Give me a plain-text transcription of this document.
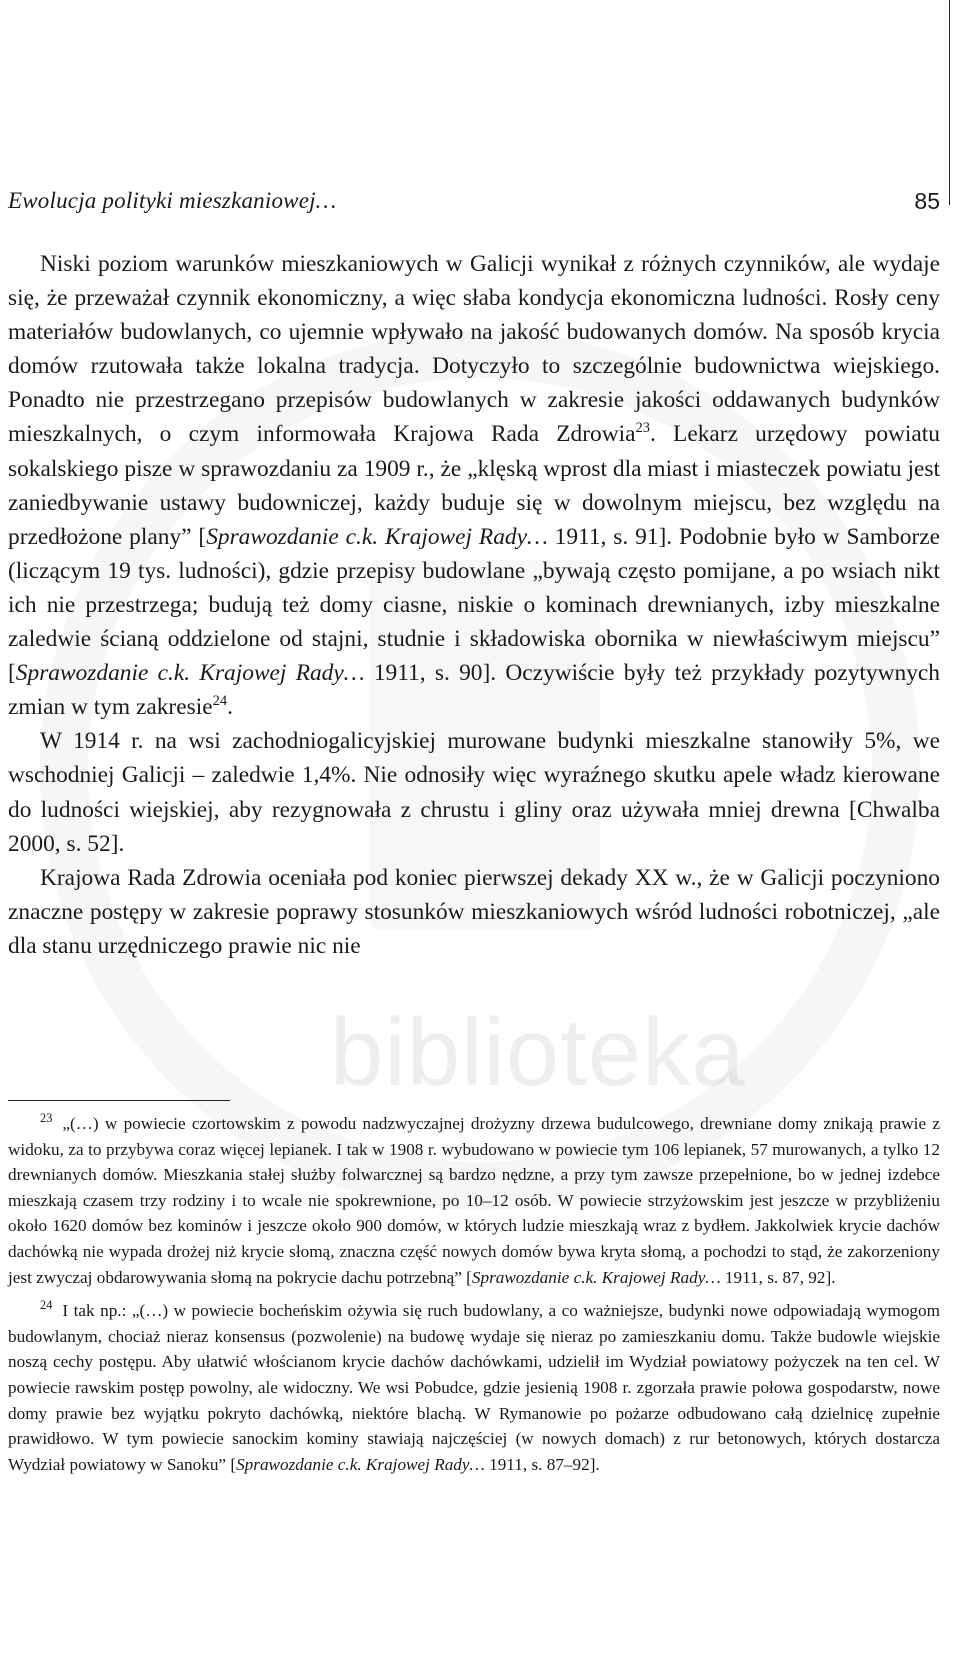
biblioteka
Ewolucja polityki mieszkaniowej…	85

Niski poziom warunków mieszkaniowych w Galicji wynikał z różnych czynników, ale wydaje się, że przeważał czynnik ekonomiczny, a więc słaba kondycja ekonomiczna ludności. Rosły ceny materiałów budowlanych, co ujemnie wpływało na jakość budowanych domów. Na sposób krycia domów rzutowała także lokalna tradycja. Dotyczyło to szczególnie budownictwa wiejskiego. Ponadto nie przestrzegano przepisów budowlanych w zakresie jakości oddawanych budynków mieszkalnych, o czym informowała Krajowa Rada Zdrowia$^{23}$. Lekarz urzędowy powiatu sokalskiego pisze w sprawozdaniu za 1909 r., że „klęską wprost dla miast i miasteczek powiatu jest zaniedbywanie ustawy budowniczej, każdy buduje się w dowolnym miejscu, bez względu na przedłożone plany” [Sprawozdanie c.k. Krajowej Rady… 1911, s. 91]. Podobnie było w Samborze (liczącym 19 tys. ludności), gdzie przepisy budowlane „bywają często pomijane, a po wsiach nikt ich nie przestrzega; budują też domy ciasne, niskie o kominach drewnianych, izby mieszkalne zaledwie ścianą oddzielone od stajni, studnie i składowiska obornika w niewłaściwym miejscu” [Sprawozdanie c.k. Krajowej Rady… 1911, s. 90]. Oczywiście były też przykłady pozytywnych zmian w tym zakresie$^{24}$.

W 1914 r. na wsi zachodniogalicyjskiej murowane budynki mieszkalne stanowiły 5%, we wschodniej Galicji – zaledwie 1,4%. Nie odnosiły więc wyraźnego skutku apele władz kierowane do ludności wiejskiej, aby rezygnowała z chrustu i gliny oraz używała mniej drewna [Chwalba 2000, s. 52].

Krajowa Rada Zdrowia oceniała pod koniec pierwszej dekady XX w., że w Galicji poczyniono znaczne postępy w zakresie poprawy stosunków mieszkaniowych wśród ludności robotniczej, „ale dla stanu urzędniczego prawie nic nie

$^{23}$ „(…) w powiecie czortowskim z powodu nadzwyczajnej drożyzny drzewa budulcowego, drewniane domy znikają prawie z widoku, za to przybywa coraz więcej lepianek. I tak w 1908 r. wybudowano w powiecie tym 106 lepianek, 57 murowanych, a tylko 12 drewnianych domów. Mieszkania stałej służby folwarcznej są bardzo nędzne, a przy tym zawsze przepełnione, bo w jednej izdebce mieszkają czasem trzy rodziny i to wcale nie spokrewnione, po 10–12 osób. W powiecie strzyżowskim jest jeszcze w przybliżeniu około 1620 domów bez kominów i jeszcze około 900 domów, w których ludzie mieszkają wraz z bydłem. Jakkolwiek krycie dachów dachówką nie wypada drożej niż krycie słomą, znaczna część nowych domów bywa kryta słomą, a pochodzi to stąd, że zakorzeniony jest zwyczaj obdarowywania słomą na pokrycie dachu potrzebną” [Sprawozdanie c.k. Krajowej Rady… 1911, s. 87, 92].

$^{24}$ I tak np.: „(…) w powiecie bocheńskim ożywia się ruch budowlany, a co ważniejsze, budynki nowe odpowiadają wymogom budowlanym, chociaż nieraz konsensus (pozwolenie) na budowę wydaje się nieraz po zamieszkaniu domu. Także budowle wiejskie noszą cechy postępu. Aby ułatwić włościanom krycie dachów dachówkami, udzielił im Wydział powiatowy pożyczek na ten cel. W powiecie rawskim postęp powolny, ale widoczny. We wsi Pobudce, gdzie jesienią 1908 r. zgorzała prawie połowa gospodarstw, nowe domy prawie bez wyjątku pokryto dachówką, niektóre blachą. W Rymanowie po pożarze odbudowano całą dzielnicę zupełnie prawidłowo. W tym powiecie sanockim kominy stawiają najczęściej (w nowych domach) z rur betonowych, których dostarcza Wydział powiatowy w Sanoku” [Sprawozdanie c.k. Krajowej Rady… 1911, s. 87–92].
